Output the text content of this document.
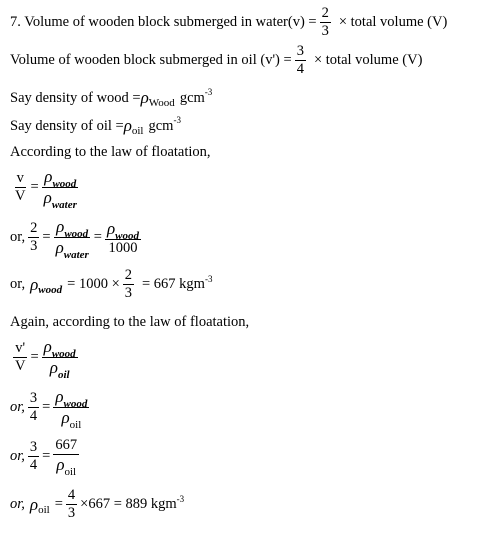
7. Volume of wooden block submerged in water(v) = $\frac{2}{3}$ × total volume (V)
Volume of wooden block submerged in oil $(v') = \frac{3}{4}$ × total volume (V)
Say density of wood = ρ Wood gcm -3
Say density of oil = ρ oil gcm -3
According to the law of floatation,
$\frac{v}{V} = \frac{\rho_{wood}}{\rho_{water}}$
or, $\frac{2}{3} = \frac{\rho_{wood}}{\rho_{water}} = \frac{\rho_{wood}}{1000}$
or, ρ wood = $1000 \times \frac{2}{3} = 667$ kgm -3
Again, according to the law of floatation,
$\frac{v'}{V} = \frac{\rho_{wood}}{\rho_{oil}}$
or, $\frac{3}{4} = \frac{\rho_{wood}}{\rho_{oil}}$
or, $\frac{3}{4} = \frac{667}{\rho_{oil}}$
or, ρ oil = $\frac{4}{3} \times 667 = 889$ kgm -3
